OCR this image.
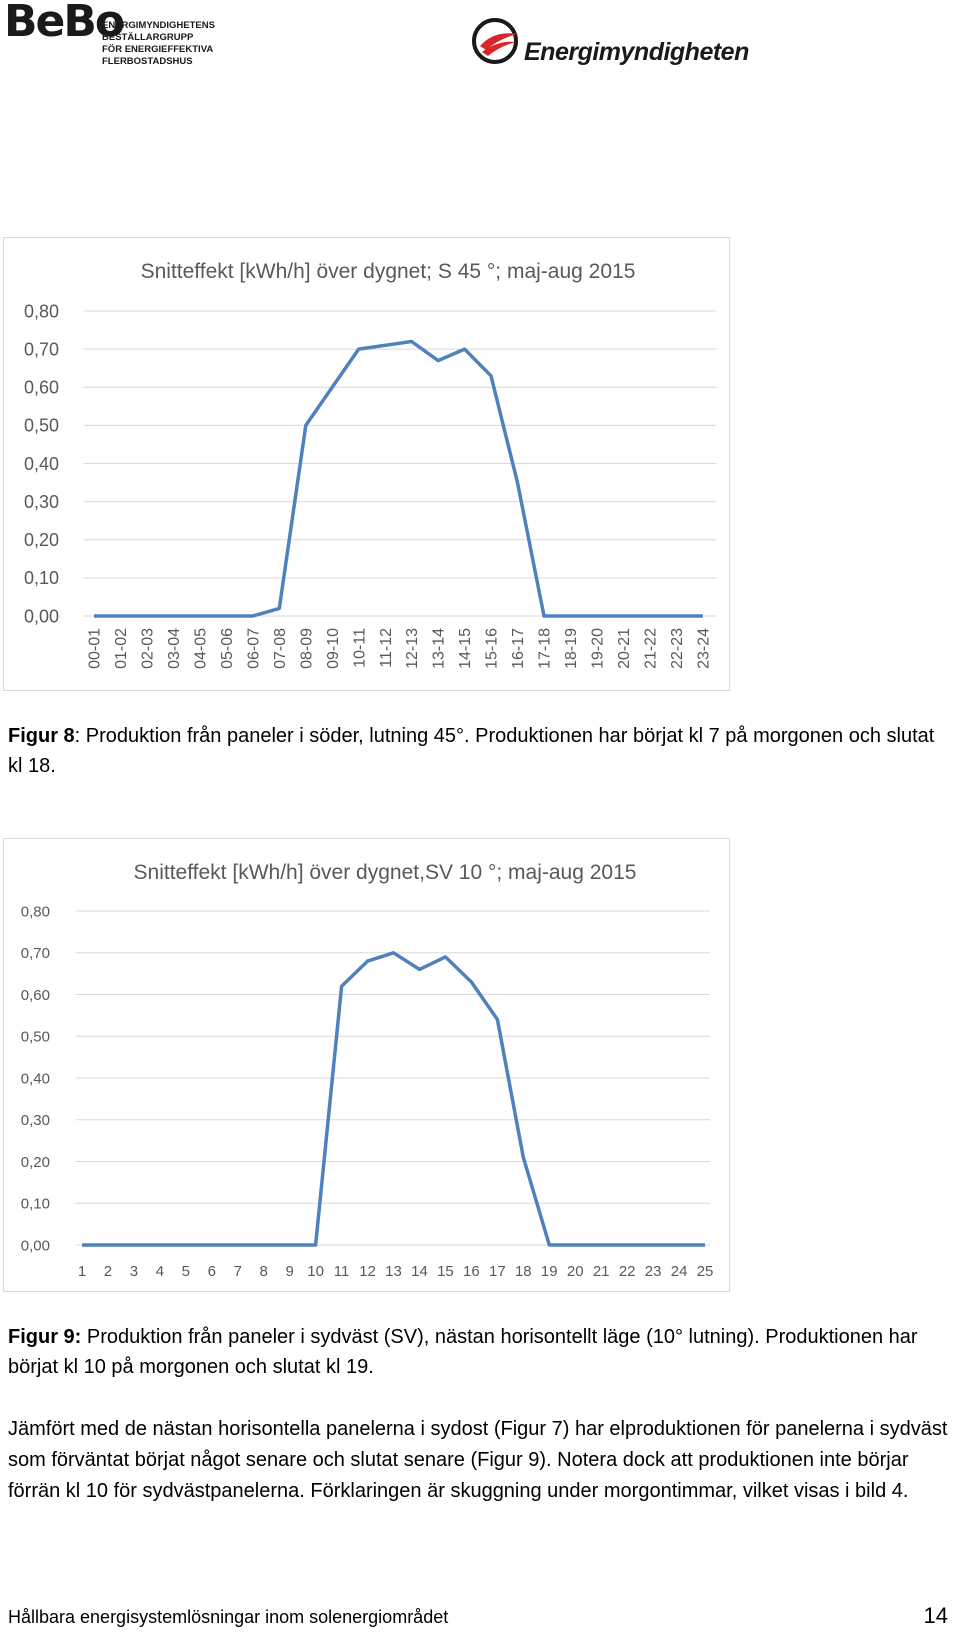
BeBo
ENERGIMYNDIGHETENS BESTÄLLARGRUPP
FÖR ENERGIEFFEKTIVA FLERBOSTADSHUS	Energimyndigheten
Snitteffekt [kWh/h] över dygnet; S 45 °; maj-aug 2015
0,00
0,10
0,20
0,30
0,40
0,50
0,60
0,70
0,80
00-01 01-02 02-03 03-04 04-05 05-06 06-07 07-08 08-09 09-10 10-11 11-12 12-13 13-14 14-15 15-16 16-17 17-18 18-19 19-20 20-21 21-22 22-23 23-24
Figur 8: Produktion från paneler i söder, lutning 45°. Produktionen har börjat kl 7 på morgonen och slutat kl 18.
Snitteffekt [kWh/h] över dygnet,SV 10 °; maj-aug 2015
0,00
0,10
0,20
0,30
0,40
0,50
0,60
0,70
0,80
1 2 3 4 5 6 7 8 9 10 11 12 13 14 15 16 17 18 19 20 21 22 23 24 25
Figur 9: Produktion från paneler i sydväst (SV), nästan horisontellt läge (10° lutning). Produktionen har börjat kl 10 på morgonen och slutat kl 19.
Jämfört med de nästan horisontella panelerna i sydost (Figur 7) har elproduktionen för panelerna i sydväst som förväntat börjat något senare och slutat senare (Figur 9). Notera dock att produktionen inte börjar förrän kl 10 för sydvästpanelerna. Förklaringen är skuggning under morgontimmar, vilket visas i bild 4.
Hållbara energisystemlösningar inom solenergiområdet	14
